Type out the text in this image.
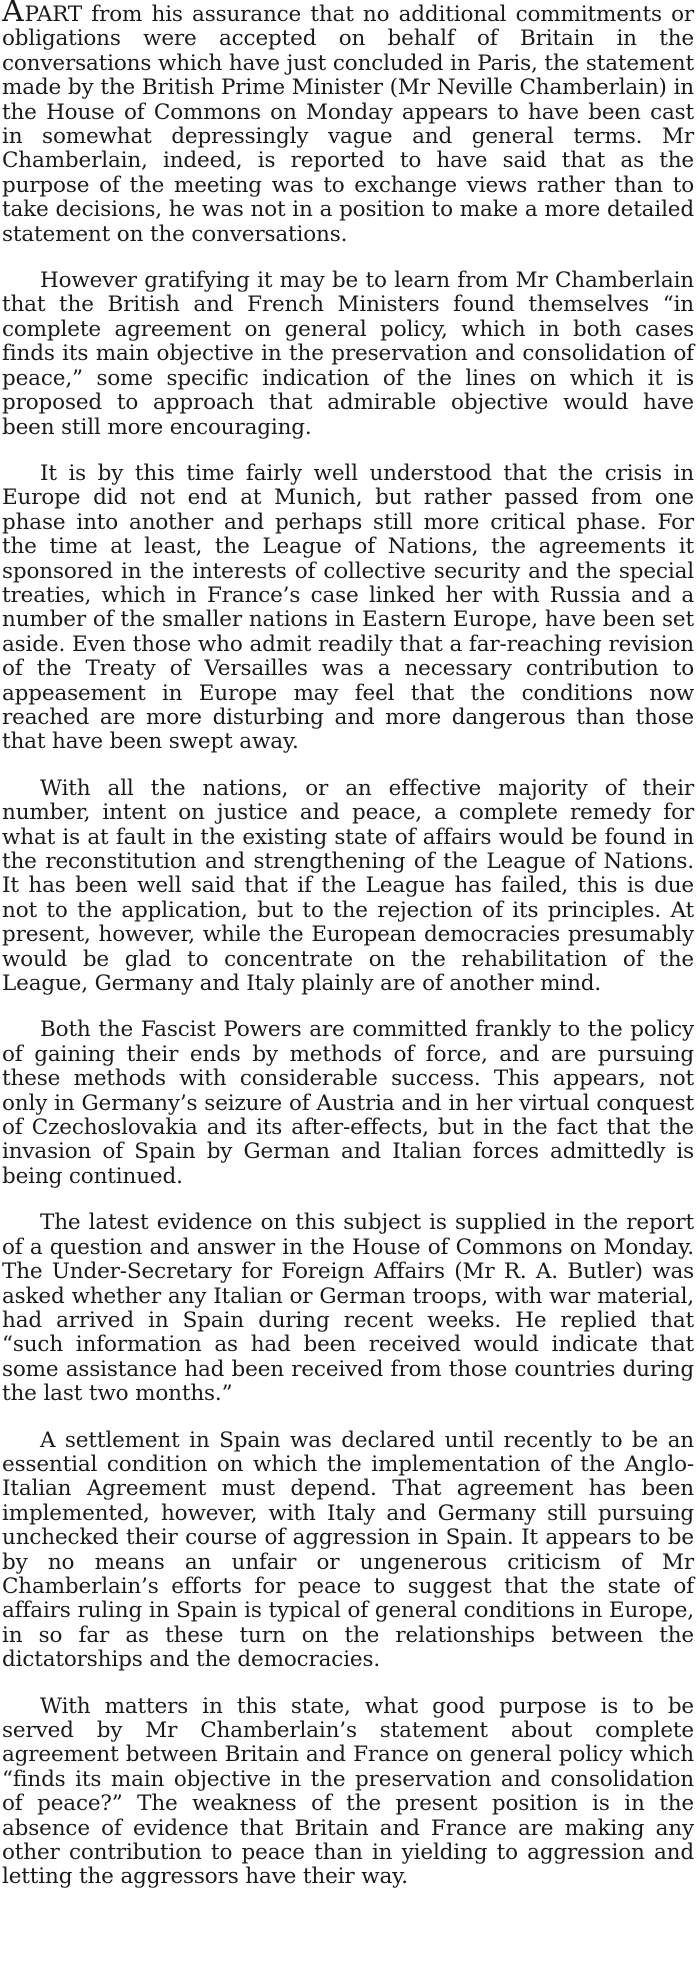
APART from his assurance that no additional commitments or obligations were accepted on behalf of Britain in the conversations which have just concluded in Paris, the statement made by the British Prime Minister (Mr Neville Chamberlain) in the House of Commons on Monday appears to have been cast in somewhat depressingly vague and general terms. Mr Chamberlain, indeed, is reported to have said that as the purpose of the meeting was to exchange views rather than to take decisions, he was not in a position to make a more detailed statement on the conversations.

However gratifying it may be to learn from Mr Chamberlain that the British and French Ministers found themselves “in complete agreement on general policy, which in both cases finds its main objective in the preservation and consolidation of peace,” some specific indication of the lines on which it is proposed to approach that admirable objective would have been still more encouraging.

It is by this time fairly well understood that the crisis in Europe did not end at Munich, but rather passed from one phase into another and perhaps still more critical phase. For the time at least, the League of Nations, the agreements it sponsored in the interests of collective security and the special treaties, which in France’s case linked her with Russia and a number of the smaller nations in Eastern Europe, have been set aside. Even those who admit readily that a far-reaching revision of the Treaty of Versailles was a necessary contribution to appeasement in Europe may feel that the conditions now reached are more disturbing and more dangerous than those that have been swept away.

With all the nations, or an effective majority of their number, intent on justice and peace, a complete remedy for what is at fault in the existing state of affairs would be found in the reconstitution and strengthening of the League of Nations. It has been well said that if the League has failed, this is due not to the application, but to the rejection of its principles. At present, however, while the European democracies presumably would be glad to concentrate on the rehabilitation of the League, Germany and Italy plainly are of another mind.

Both the Fascist Powers are committed frankly to the policy of gaining their ends by methods of force, and are pursuing these methods with considerable success. This appears, not only in Germany’s seizure of Austria and in her virtual conquest of Czechoslovakia and its after-effects, but in the fact that the invasion of Spain by German and Italian forces admittedly is being continued.

The latest evidence on this subject is supplied in the report of a question and answer in the House of Commons on Monday. The Under-Secretary for Foreign Affairs (Mr R. A. Butler) was asked whether any Italian or German troops, with war material, had arrived in Spain during recent weeks. He replied that “such information as had been received would indicate that some assistance had been received from those countries during the last two months.”

A settlement in Spain was declared until recently to be an essential condition on which the implementation of the Anglo-Italian Agreement must depend. That agreement has been implemented, however, with Italy and Germany still pursuing unchecked their course of aggression in Spain. It appears to be by no means an unfair or ungenerous criticism of Mr Chamberlain’s efforts for peace to suggest that the state of affairs ruling in Spain is typical of general conditions in Europe, in so far as these turn on the relationships between the dictatorships and the democracies.

With matters in this state, what good purpose is to be served by Mr Chamberlain’s statement about complete agreement between Britain and France on general policy which “finds its main objective in the preservation and consolidation of peace?” The weakness of the present position is in the absence of evidence that Britain and France are making any other contribution to peace than in yielding to aggression and letting the aggressors have their way.
